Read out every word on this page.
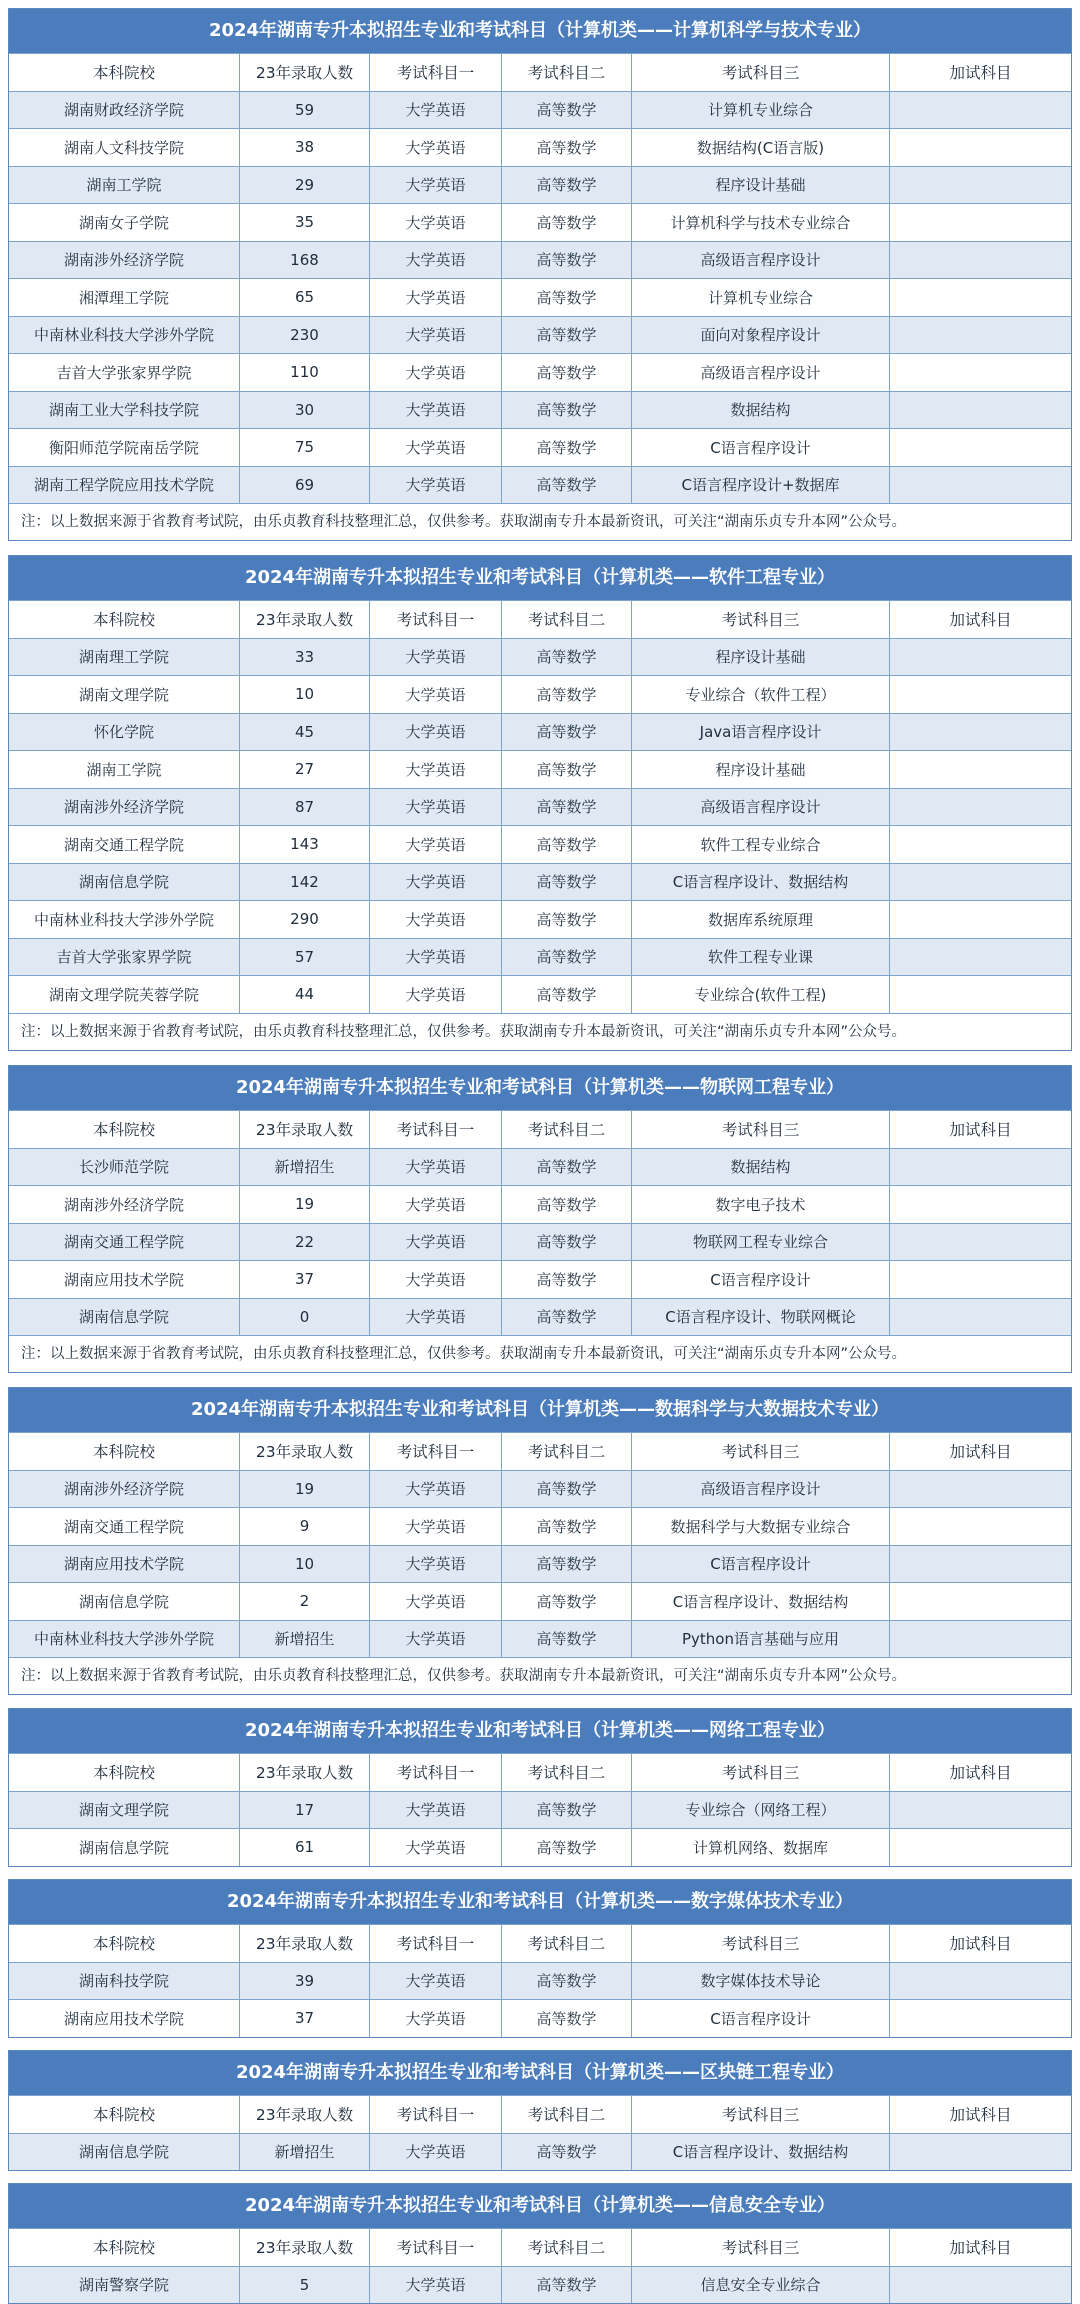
2024年湖南专升本拟招生专业和考试科目（计算机类——计算机科学与技术专业）
本科院校	23年录取人数	考试科目一	考试科目二	考试科目三	加试科目
湖南财政经济学院	59	大学英语	高等数学	计算机专业综合
湖南人文科技学院	38	大学英语	高等数学	数据结构(C语言版)
湖南工学院	29	大学英语	高等数学	程序设计基础
湖南女子学院	35	大学英语	高等数学	计算机科学与技术专业综合
湖南涉外经济学院	168	大学英语	高等数学	高级语言程序设计
湘潭理工学院	65	大学英语	高等数学	计算机专业综合
中南林业科技大学涉外学院	230	大学英语	高等数学	面向对象程序设计
吉首大学张家界学院	110	大学英语	高等数学	高级语言程序设计
湖南工业大学科技学院	30	大学英语	高等数学	数据结构
衡阳师范学院南岳学院	75	大学英语	高等数学	C语言程序设计
湖南工程学院应用技术学院	69	大学英语	高等数学	C语言程序设计+数据库
注：以上数据来源于省教育考试院，由乐贞教育科技整理汇总，仅供参考。获取湖南专升本最新资讯，可关注“湖南乐贞专升本网”公众号。
2024年湖南专升本拟招生专业和考试科目（计算机类——软件工程专业）
本科院校	23年录取人数	考试科目一	考试科目二	考试科目三	加试科目
湖南理工学院	33	大学英语	高等数学	程序设计基础
湖南文理学院	10	大学英语	高等数学	专业综合（软件工程）
怀化学院	45	大学英语	高等数学	Java语言程序设计
湖南工学院	27	大学英语	高等数学	程序设计基础
湖南涉外经济学院	87	大学英语	高等数学	高级语言程序设计
湖南交通工程学院	143	大学英语	高等数学	软件工程专业综合
湖南信息学院	142	大学英语	高等数学	C语言程序设计、数据结构
中南林业科技大学涉外学院	290	大学英语	高等数学	数据库系统原理
吉首大学张家界学院	57	大学英语	高等数学	软件工程专业课
湖南文理学院芙蓉学院	44	大学英语	高等数学	专业综合(软件工程)
注：以上数据来源于省教育考试院，由乐贞教育科技整理汇总，仅供参考。获取湖南专升本最新资讯，可关注“湖南乐贞专升本网”公众号。
2024年湖南专升本拟招生专业和考试科目（计算机类——物联网工程专业）
本科院校	23年录取人数	考试科目一	考试科目二	考试科目三	加试科目
长沙师范学院	新增招生	大学英语	高等数学	数据结构
湖南涉外经济学院	19	大学英语	高等数学	数字电子技术
湖南交通工程学院	22	大学英语	高等数学	物联网工程专业综合
湖南应用技术学院	37	大学英语	高等数学	C语言程序设计
湖南信息学院	0	大学英语	高等数学	C语言程序设计、物联网概论
注：以上数据来源于省教育考试院，由乐贞教育科技整理汇总，仅供参考。获取湖南专升本最新资讯，可关注“湖南乐贞专升本网”公众号。
2024年湖南专升本拟招生专业和考试科目（计算机类——数据科学与大数据技术专业）
本科院校	23年录取人数	考试科目一	考试科目二	考试科目三	加试科目
湖南涉外经济学院	19	大学英语	高等数学	高级语言程序设计
湖南交通工程学院	9	大学英语	高等数学	数据科学与大数据专业综合
湖南应用技术学院	10	大学英语	高等数学	C语言程序设计
湖南信息学院	2	大学英语	高等数学	C语言程序设计、数据结构
中南林业科技大学涉外学院	新增招生	大学英语	高等数学	Python语言基础与应用
注：以上数据来源于省教育考试院，由乐贞教育科技整理汇总，仅供参考。获取湖南专升本最新资讯，可关注“湖南乐贞专升本网”公众号。
2024年湖南专升本拟招生专业和考试科目（计算机类——网络工程专业）
本科院校	23年录取人数	考试科目一	考试科目二	考试科目三	加试科目
湖南文理学院	17	大学英语	高等数学	专业综合（网络工程）
湖南信息学院	61	大学英语	高等数学	计算机网络、数据库
2024年湖南专升本拟招生专业和考试科目（计算机类——数字媒体技术专业）
本科院校	23年录取人数	考试科目一	考试科目二	考试科目三	加试科目
湖南科技学院	39	大学英语	高等数学	数字媒体技术导论
湖南应用技术学院	37	大学英语	高等数学	C语言程序设计
2024年湖南专升本拟招生专业和考试科目（计算机类——区块链工程专业）
本科院校	23年录取人数	考试科目一	考试科目二	考试科目三	加试科目
湖南信息学院	新增招生	大学英语	高等数学	C语言程序设计、数据结构
2024年湖南专升本拟招生专业和考试科目（计算机类——信息安全专业）
本科院校	23年录取人数	考试科目一	考试科目二	考试科目三	加试科目
湖南警察学院	5	大学英语	高等数学	信息安全专业综合
